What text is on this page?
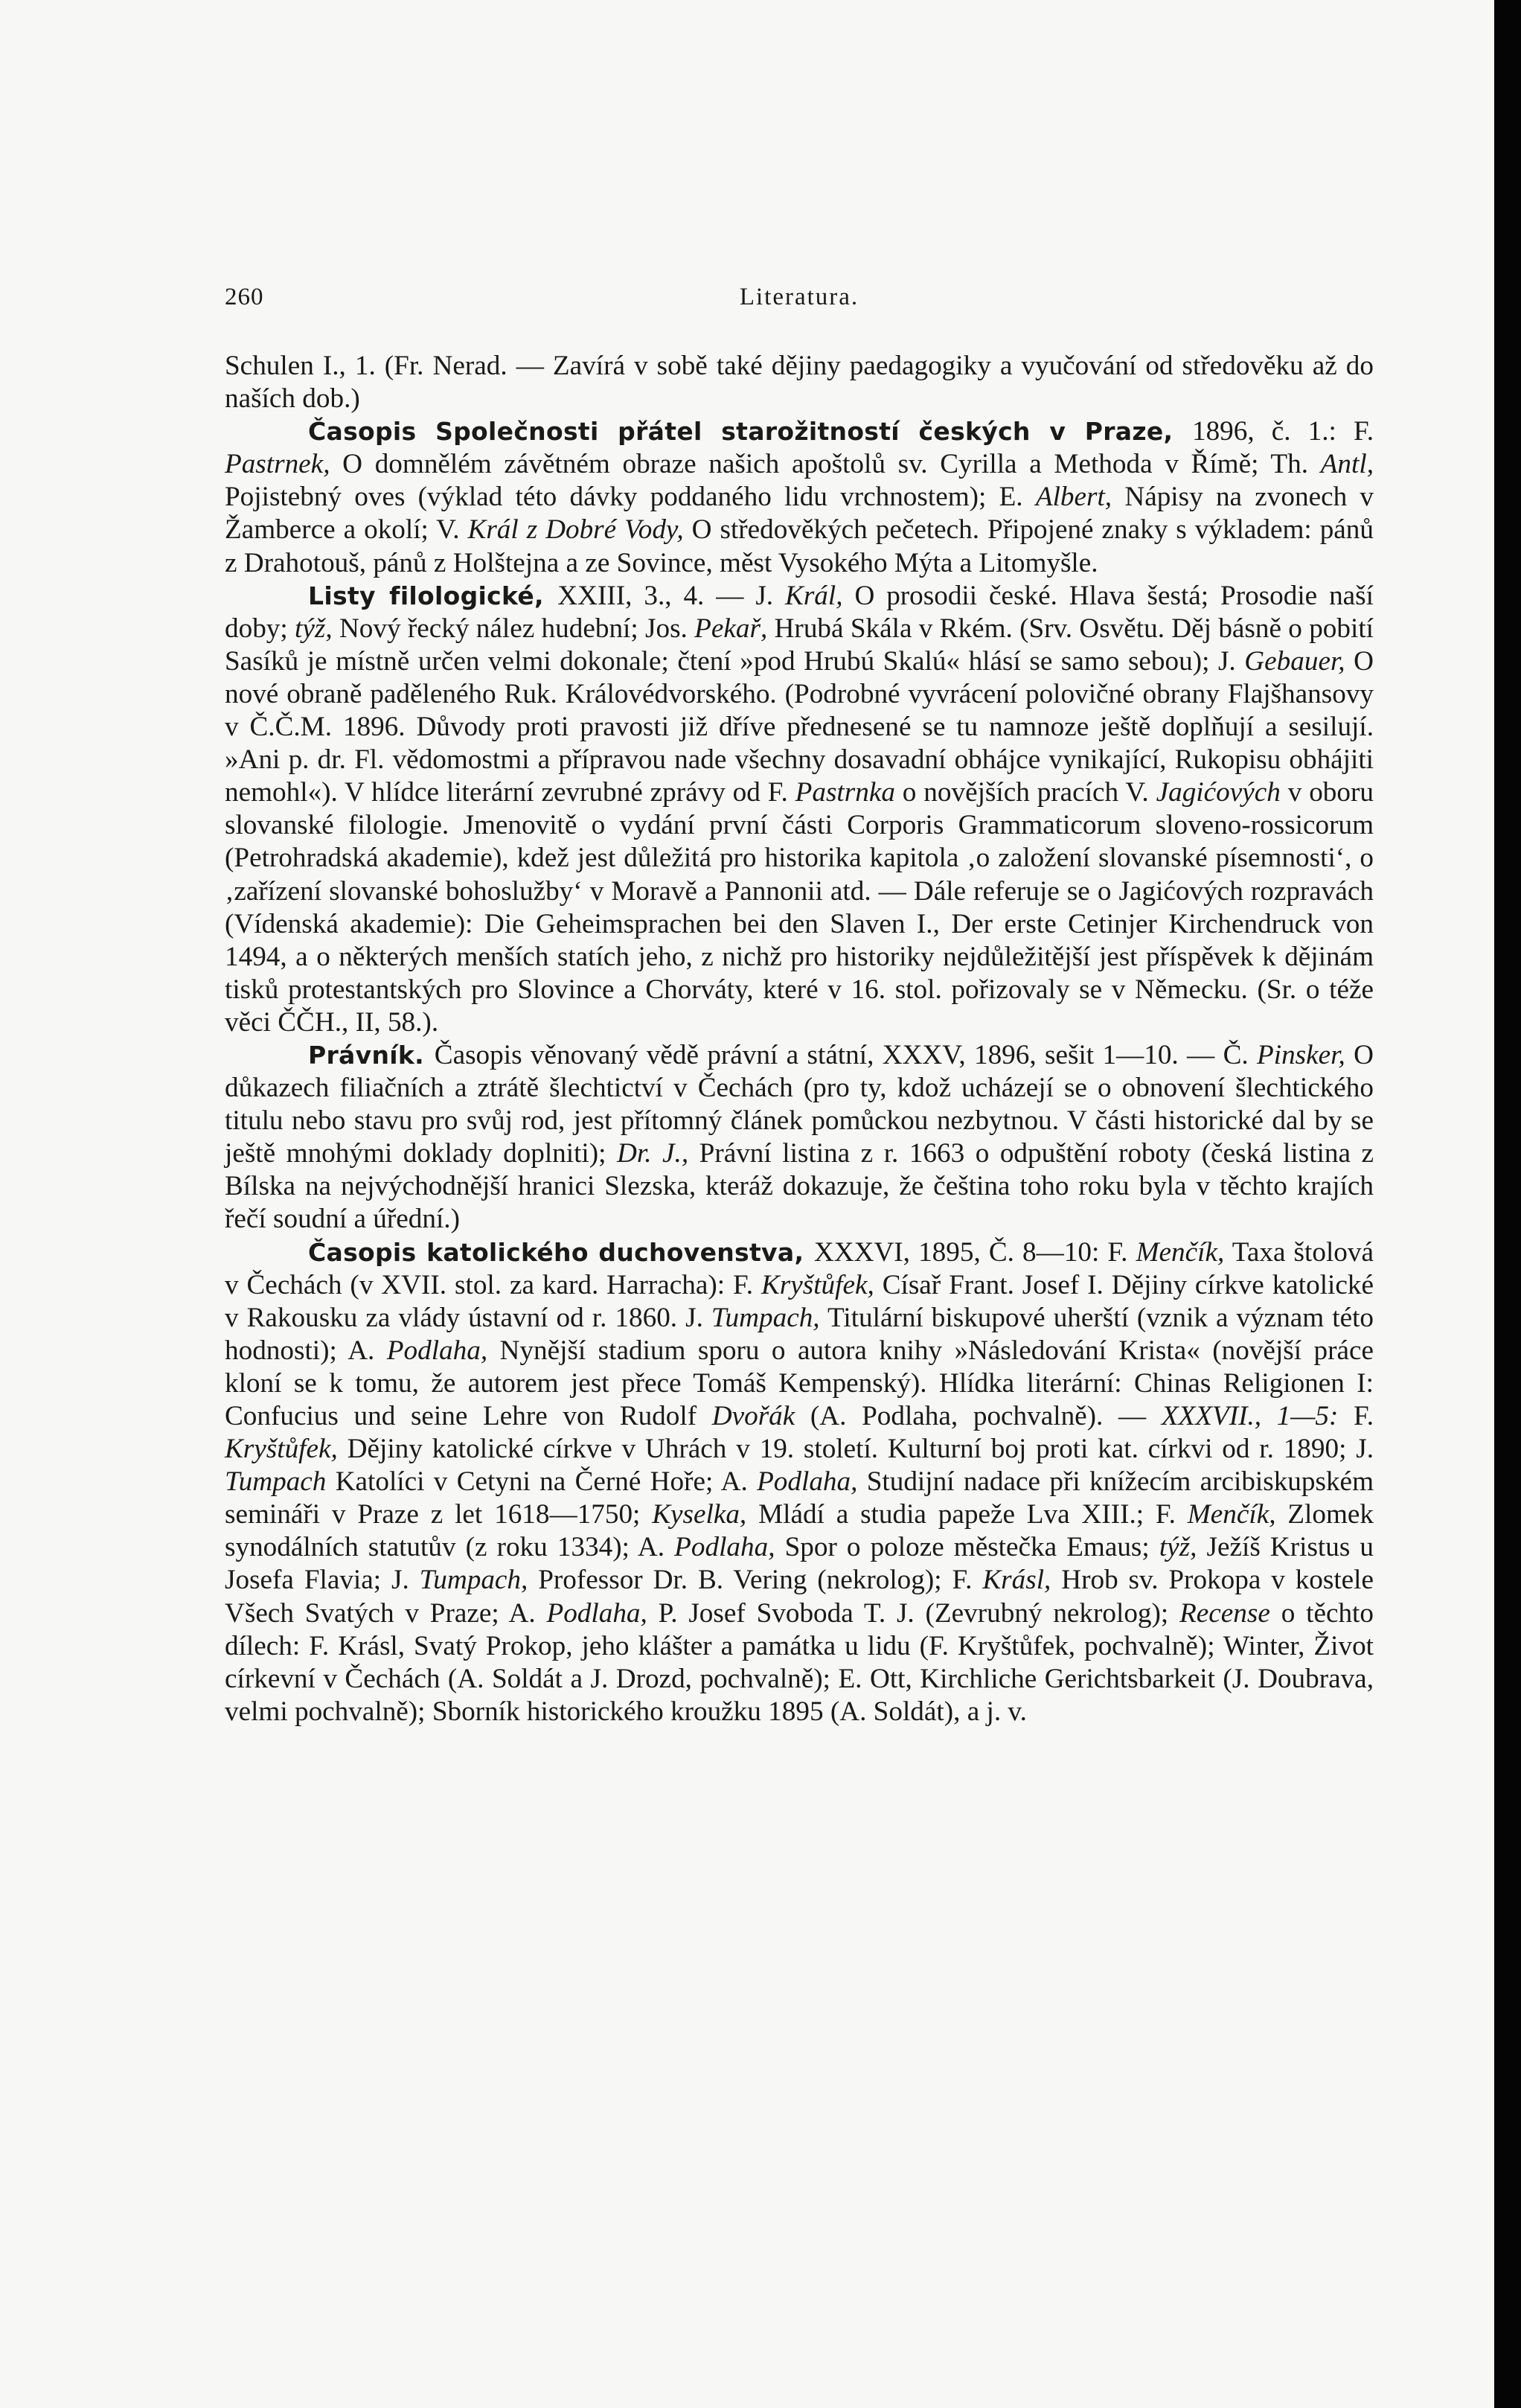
260	Literatura.

Schulen I., 1. (Fr. Nerad. — Zavírá v sobě také dějiny paedagogiky a vyučování od středověku až do naších dob.)

Časopis Společnosti přátel starožitností českých v Praze, 1896, č. 1.: F. Pastrnek, O domnělém závětném obraze našich apoštolů sv. Cyrilla a Methoda v Římě; Th. Antl, Pojistebný oves (výklad této dávky poddaného lidu vrchnostem); E. Albert, Nápisy na zvonech v Žamberce a okolí; V. Král z Dobré Vody, O středověkých pečetech. Připojené znaky s výkladem: pánů z Drahotouš, pánů z Holštejna a ze Sovince, měst Vysokého Mýta a Litomyšle.

Listy filologické, XXIII, 3., 4. — J. Král, O prosodii české. Hlava šestá; Prosodie naší doby; týž, Nový řecký nález hudební; Jos. Pekař, Hrubá Skála v Rkém. (Srv. Osvětu. Děj básně o pobití Sasíků je místně určen velmi dokonale; čtení »pod Hrubú Skalú« hlásí se samo sebou); J. Gebauer, O nové obraně paděleného Ruk. Královédvorského. (Podrobné vyvrácení polovičné obrany Flajšhansovy v Č.Č.M. 1896. Důvody proti pravosti již dříve přednesené se tu namnoze ještě doplňují a sesilují. »Ani p. dr. Fl. vědomostmi a přípravou nade všechny dosavadní obhájce vynikající, Rukopisu obhájiti nemohl«). V hlídce literární zevrubné zprávy od F. Pastrnka o novějších pracích V. Jagićových v oboru slovanské filologie. Jmenovitě o vydání první části Corporis Grammaticorum sloveno-rossicorum (Petrohradská akademie), kdež jest důležitá pro historika kapitola ‚o založení slovanské písemnosti‘, o ‚zařízení slovanské bohoslužby‘ v Moravě a Pannonii atd. — Dále referuje se o Jagićových rozpravách (Vídenská akademie): Die Geheimsprachen bei den Slaven I., Der erste Cetinjer Kirchendruck von 1494, a o některých menších statích jeho, z nichž pro historiky nejdůležitější jest příspěvek k dějinám tisků protestantských pro Slovince a Chorváty, které v 16. stol. pořizovaly se v Německu. (Sr. o téže věci ČČH., II, 58.).

Právník. Časopis věnovaný vědě právní a státní, XXXV, 1896, sešit 1—10. — Č. Pinsker, O důkazech filiačních a ztrátě šlechtictví v Čechách (pro ty, kdož ucházejí se o obnovení šlechtického titulu nebo stavu pro svůj rod, jest přítomný článek pomůckou nezbytnou. V části historické dal by se ještě mnohými doklady doplniti); Dr. J., Právní listina z r. 1663 o odpuštění roboty (česká listina z Bílska na nejvýchodnější hranici Slezska, kteráž dokazuje, že čeština toho roku byla v těchto krajích řečí soudní a úřední.)

Časopis katolického duchovenstva, XXXVI, 1895, Č. 8—10: F. Menčík, Taxa štolová v Čechách (v XVII. stol. za kard. Harracha): F. Kryštůfek, Císař Frant. Josef I. Dějiny církve katolické v Rakousku za vlády ústavní od r. 1860. J. Tumpach, Titulární biskupové uherští (vznik a význam této hodnosti); A. Podlaha, Nynější stadium sporu o autora knihy »Následování Krista« (novější práce kloní se k tomu, že autorem jest přece Tomáš Kempenský). Hlídka literární: Chinas Religionen I: Confucius und seine Lehre von Rudolf Dvořák (A. Podlaha, pochvalně). — XXXVII., 1—5: F. Kryštůfek, Dějiny katolické církve v Uhrách v 19. století. Kulturní boj proti kat. církvi od r. 1890; J. Tumpach Katolíci v Cetyni na Černé Hoře; A. Podlaha, Studijní nadace při knížecím arcibiskupském semináři v Praze z let 1618—1750; Kyselka, Mládí a studia papeže Lva XIII.; F. Menčík, Zlomek synodálních statutův (z roku 1334); A. Podlaha, Spor o poloze městečka Emaus; týž, Ježíš Kristus u Josefa Flavia; J. Tumpach, Professor Dr. B. Vering (nekrolog); F. Krásl, Hrob sv. Prokopa v kostele Všech Svatých v Praze; A. Podlaha, P. Josef Svoboda T. J. (Zevrubný nekrolog); Recense o těchto dílech: F. Krásl, Svatý Prokop, jeho klášter a památka u lidu (F. Kryštůfek, pochvalně); Winter, Život církevní v Čechách (A. Soldát a J. Drozd, pochvalně); E. Ott, Kirchliche Gerichtsbarkeit (J. Doubrava, velmi pochvalně); Sborník historického kroužku 1895 (A. Soldát), a j. v.
